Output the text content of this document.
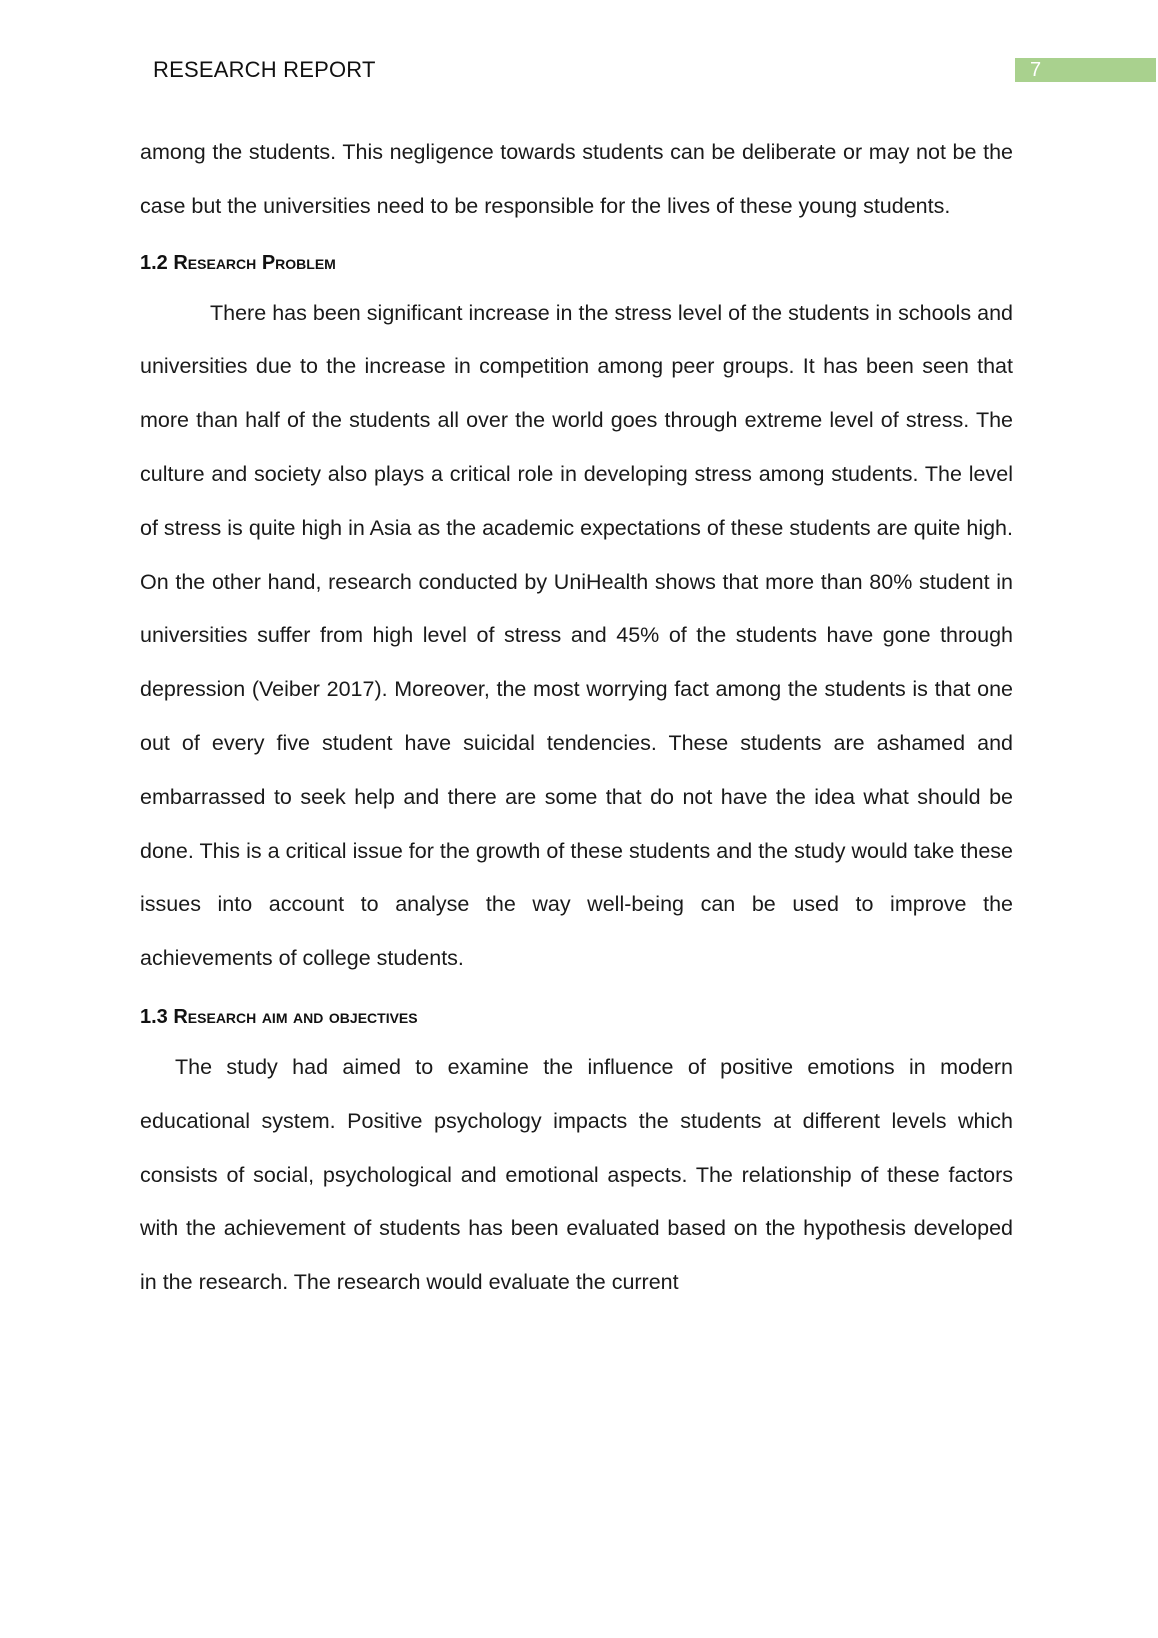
RESEARCH REPORT	7

among the students. This negligence towards students can be deliberate or may not be the case but the universities need to be responsible for the lives of these young students.

1.2 Research Problem

There has been significant increase in the stress level of the students in schools and universities due to the increase in competition among peer groups. It has been seen that more than half of the students all over the world goes through extreme level of stress. The culture and society also plays a critical role in developing stress among students. The level of stress is quite high in Asia as the academic expectations of these students are quite high. On the other hand, research conducted by UniHealth shows that more than 80% student in universities suffer from high level of stress and 45% of the students have gone through depression (Veiber 2017). Moreover, the most worrying fact among the students is that one out of every five student have suicidal tendencies. These students are ashamed and embarrassed to seek help and there are some that do not have the idea what should be done. This is a critical issue for the growth of these students and the study would take these issues into account to analyse the way well-being can be used to improve the achievements of college students.

1.3 Research aim and objectives

The study had aimed to examine the influence of positive emotions in modern educational system. Positive psychology impacts the students at different levels which consists of social, psychological and emotional aspects. The relationship of these factors with the achievement of students has been evaluated based on the hypothesis developed in the research. The research would evaluate the current
